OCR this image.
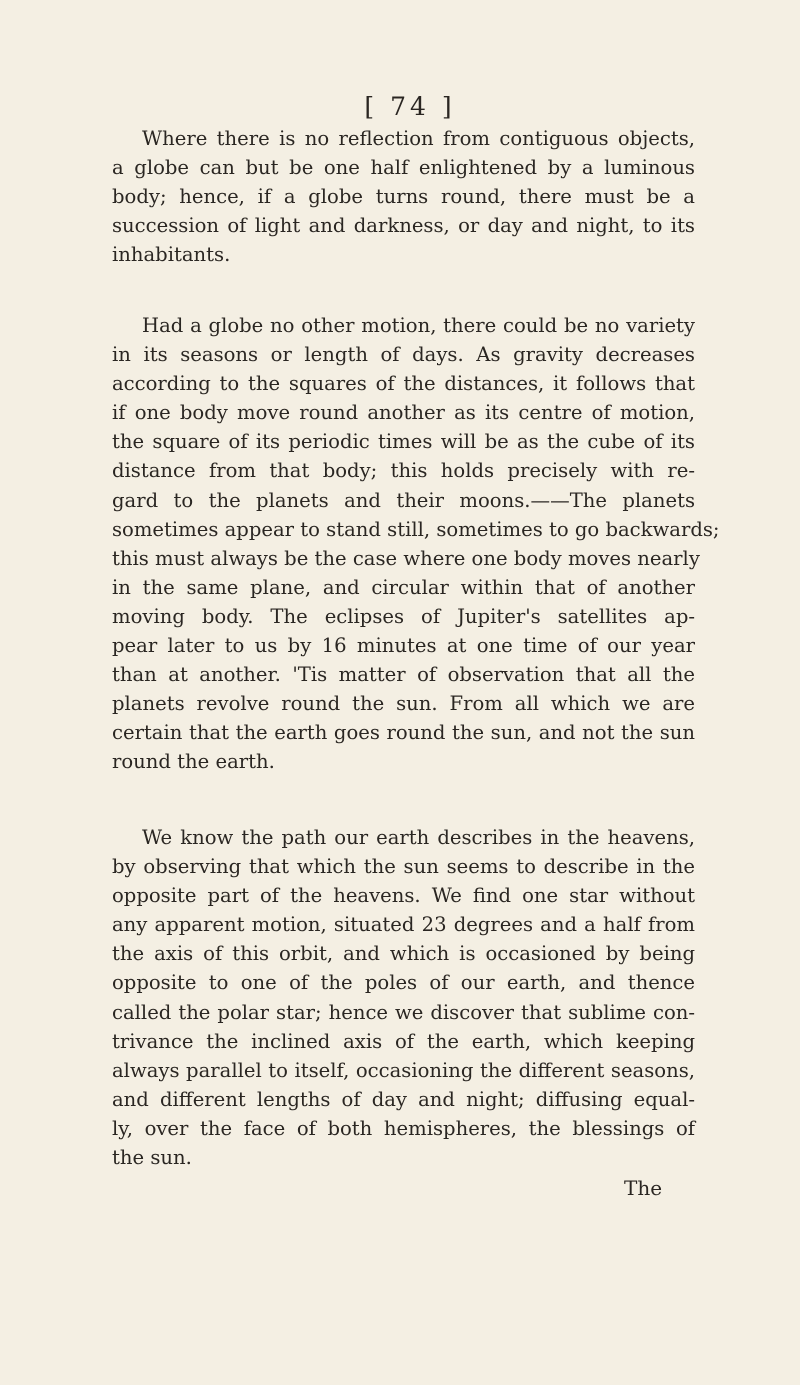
[ 74 ]
Where there is no reflection from contiguous objects,
a globe can but be one half enlightened by a luminous
body; hence, if a globe turns round, there must be a
succession of light and darkness, or day and night, to its
inhabitants.
Had a globe no other motion, there could be no variety
in its seasons or length of days. As gravity decreases
according to the squares of the distances, it follows that
if one body move round another as its centre of motion,
the square of its periodic times will be as the cube of its
distance from that body; this holds precisely with re-
gard to the planets and their moons.——The planets
sometimes appear to stand still, sometimes to go backwards;
this must always be the case where one body moves nearly
in the same plane, and circular within that of another
moving body. The eclipses of Jupiter's satellites ap-
pear later to us by 16 minutes at one time of our year
than at another. 'Tis matter of observation that all the
planets revolve round the sun. From all which we are
certain that the earth goes round the sun, and not the sun
round the earth.
We know the path our earth describes in the heavens,
by observing that which the sun seems to describe in the
opposite part of the heavens. We find one star without
any apparent motion, situated 23 degrees and a half from
the axis of this orbit, and which is occasioned by being
opposite to one of the poles of our earth, and thence
called the polar star; hence we discover that sublime con-
trivance the inclined axis of the earth, which keeping
always parallel to itself, occasioning the different seasons,
and different lengths of day and night; diffusing equal-
ly, over the face of both hemispheres, the blessings of
the sun.
The
